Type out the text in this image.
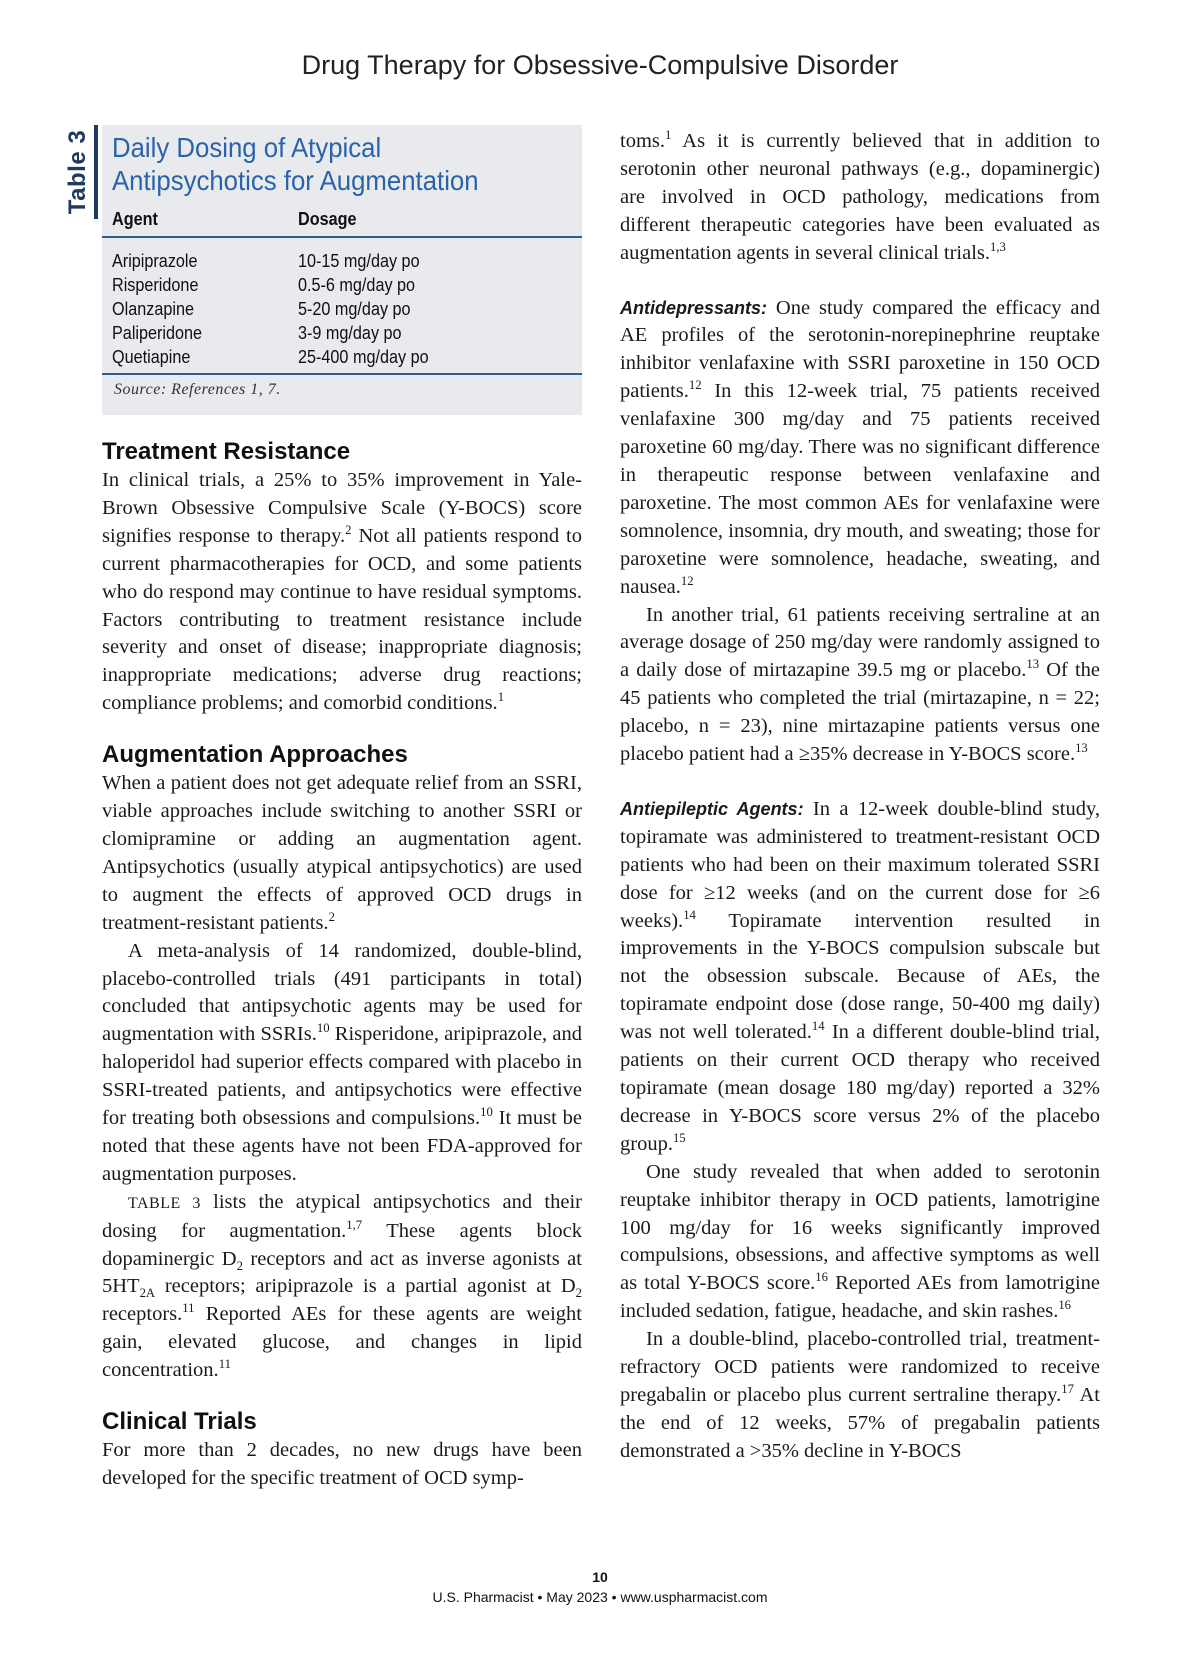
Drug Therapy for Obsessive-Compulsive Disorder
Table 3 Daily Dosing of Atypical Antipsychotics for Augmentation
Agent	Dosage
Aripiprazole	10-15 mg/day po
Risperidone	0.5-6 mg/day po
Olanzapine	5-20 mg/day po
Paliperidone	3-9 mg/day po
Quetiapine	25-400 mg/day po
Source: References 1, 7.
Treatment Resistance

In clinical trials, a 25% to 35% improvement in Yale-Brown Obsessive Compulsive Scale (Y-BOCS) score signifies response to therapy.$^2$ Not all patients respond to current pharmacotherapies for OCD, and some patients who do respond may continue to have residual symptoms. Factors contributing to treatment resistance include severity and onset of disease; inappropriate diagnosis; inappropriate medications; adverse drug reactions; compliance problems; and comorbid conditions.$^1$

Augmentation Approaches

When a patient does not get adequate relief from an SSRI, viable approaches include switching to another SSRI or clomipramine or adding an augmentation agent. Antipsychotics (usually atypical antipsychotics) are used to augment the effects of approved OCD drugs in treatment-resistant patients.$^2$

A meta-analysis of 14 randomized, double-blind, placebo-controlled trials (491 participants in total) concluded that antipsychotic agents may be used for augmentation with SSRIs.$^{10}$ Risperidone, aripiprazole, and haloperidol had superior effects compared with placebo in SSRI-treated patients, and antipsychotics were effective for treating both obsessions and compulsions.$^{10}$ It must be noted that these agents have not been FDA-approved for augmentation purposes.

TABLE 3 lists the atypical antipsychotics and their dosing for augmentation.$^{1,7}$ These agents block dopaminergic $D_2$ receptors and act as inverse agonists at $5HT_{2A}$ receptors; aripiprazole is a partial agonist at $D_2$ receptors.$^{11}$ Reported AEs for these agents are weight gain, elevated glucose, and changes in lipid concentration.$^{11}$

Clinical Trials

For more than 2 decades, no new drugs have been developed for the specific treatment of OCD symp-

toms.$^1$ As it is currently believed that in addition to serotonin other neuronal pathways (e.g., dopaminergic) are involved in OCD pathology, medications from different therapeutic categories have been evaluated as augmentation agents in several clinical trials.$^{1,3}$

Antidepressants: One study compared the efficacy and AE profiles of the serotonin-norepinephrine reuptake inhibitor venlafaxine with SSRI paroxetine in 150 OCD patients.$^{12}$ In this 12-week trial, 75 patients received venlafaxine 300 mg/day and 75 patients received paroxetine 60 mg/day. There was no significant difference in therapeutic response between venlafaxine and paroxetine. The most common AEs for venlafaxine were somnolence, insomnia, dry mouth, and sweating; those for paroxetine were somnolence, headache, sweating, and nausea.$^{12}$

In another trial, 61 patients receiving sertraline at an average dosage of 250 mg/day were randomly assigned to a daily dose of mirtazapine 39.5 mg or placebo.$^{13}$ Of the 45 patients who completed the trial (mirtazapine, n = 22; placebo, n = 23), nine mirtazapine patients versus one placebo patient had a ≥35% decrease in Y-BOCS score.$^{13}$

Antiepileptic Agents: In a 12-week double-blind study, topiramate was administered to treatment-resistant OCD patients who had been on their maximum tolerated SSRI dose for ≥12 weeks (and on the current dose for ≥6 weeks).$^{14}$ Topiramate intervention resulted in improvements in the Y-BOCS compulsion subscale but not the obsession subscale. Because of AEs, the topiramate endpoint dose (dose range, 50-400 mg daily) was not well tolerated.$^{14}$ In a different double-blind trial, patients on their current OCD therapy who received topiramate (mean dosage 180 mg/day) reported a 32% decrease in Y-BOCS score versus 2% of the placebo group.$^{15}$

One study revealed that when added to serotonin reuptake inhibitor therapy in OCD patients, lamotrigine 100 mg/day for 16 weeks significantly improved compulsions, obsessions, and affective symptoms as well as total Y-BOCS score.$^{16}$ Reported AEs from lamotrigine included sedation, fatigue, headache, and skin rashes.$^{16}$

In a double-blind, placebo-controlled trial, treatment-refractory OCD patients were randomized to receive pregabalin or placebo plus current sertraline therapy.$^{17}$ At the end of 12 weeks, 57% of pregabalin patients demonstrated a >35% decline in Y-BOCS

10
U.S. Pharmacist • May 2023 • www.uspharmacist.com
